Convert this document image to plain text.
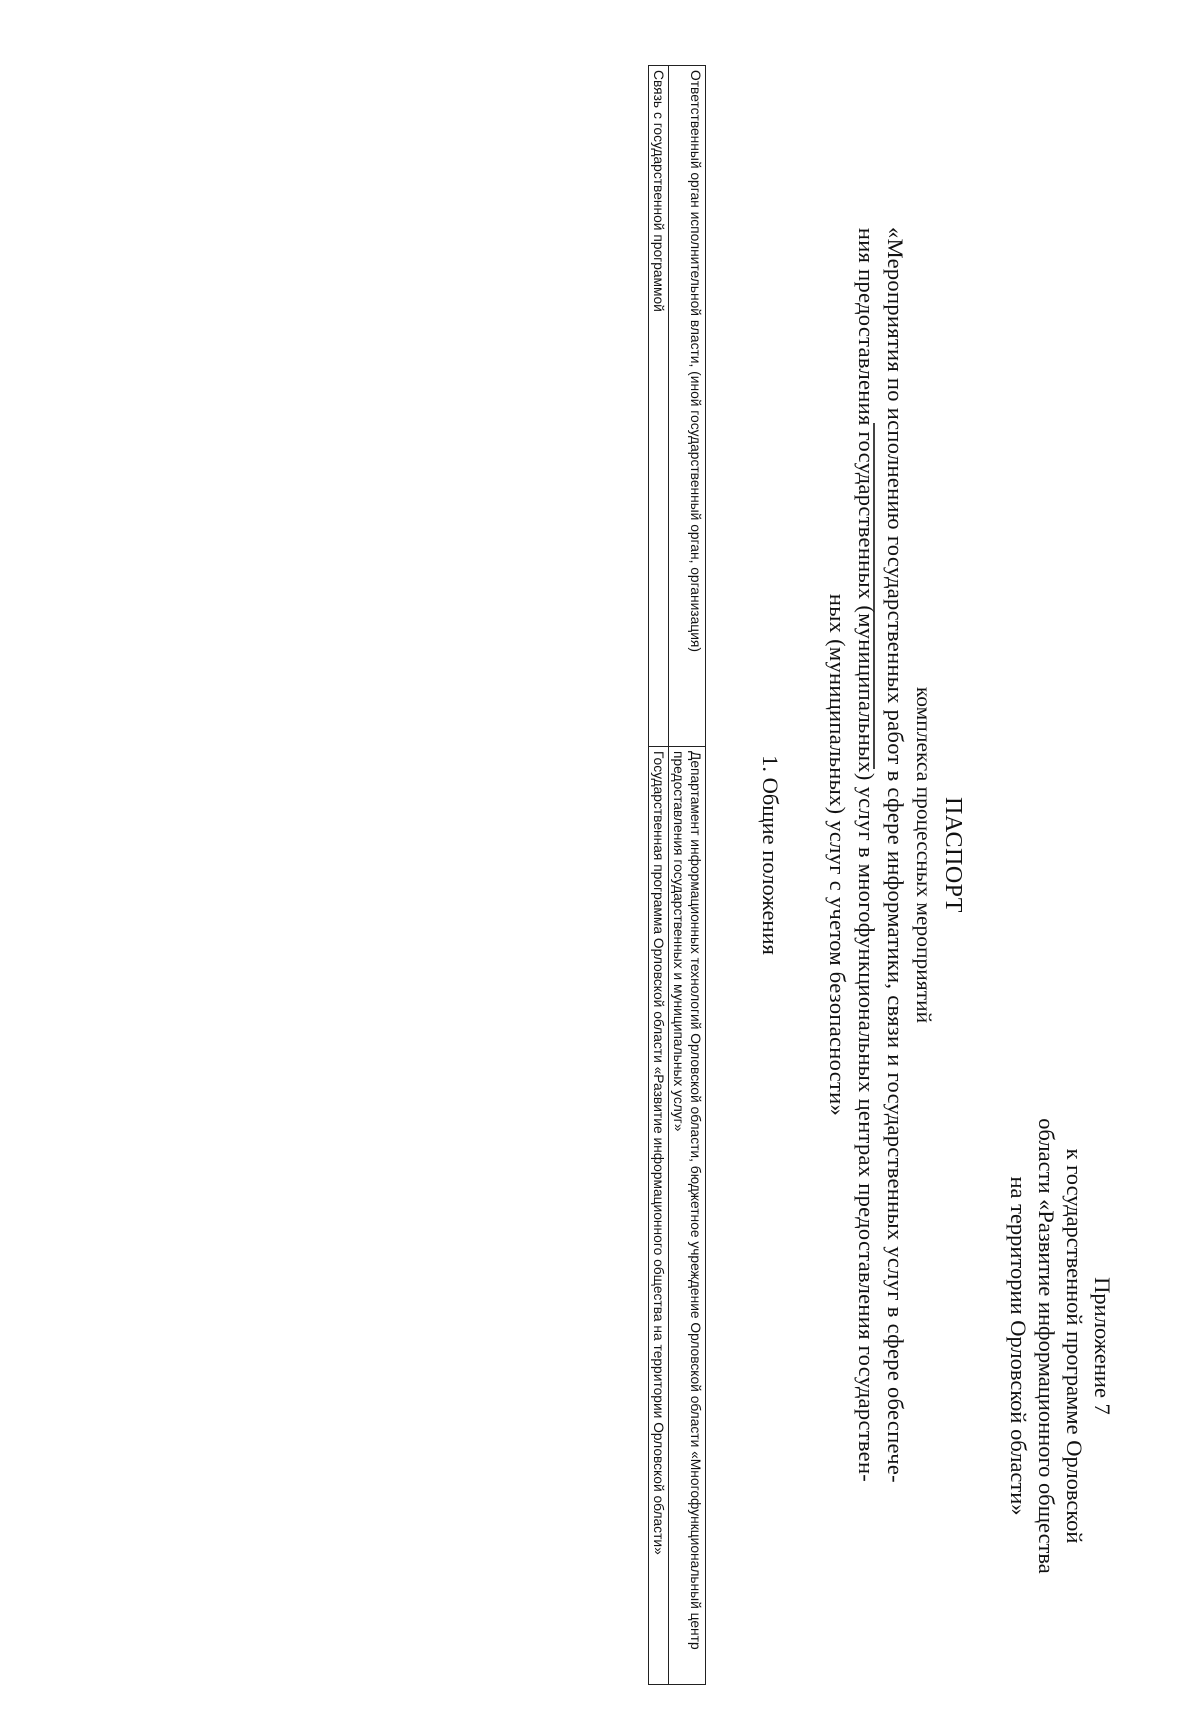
Приложение 7
к государственной программе Орловской
области «Развитие информационного общества
на территории Орловской области»
ПАСПОРТ
комплекса процессных мероприятий
«Мероприятия по исполнению государственных работ в сфере информатики, связи и государственных услуг в сфере обеспече-
ния предоставления государственных (муниципальных) услуг в многофункциональных центрах предоставления государствен-
ных (муниципальных) услуг с учетом безопасности»
1. Общие положения
Ответственный орган исполнительной власти, (иной государственный орган, организация)	Департамент информационных технологий Орловской области, бюджетное учреждение Орловской области «Многофункциональный центр предоставления государственных и муниципальных услуг»
Связь с государственной программой	Государственная программа Орловской области «Развитие информационного общества на территории Орловской области»
